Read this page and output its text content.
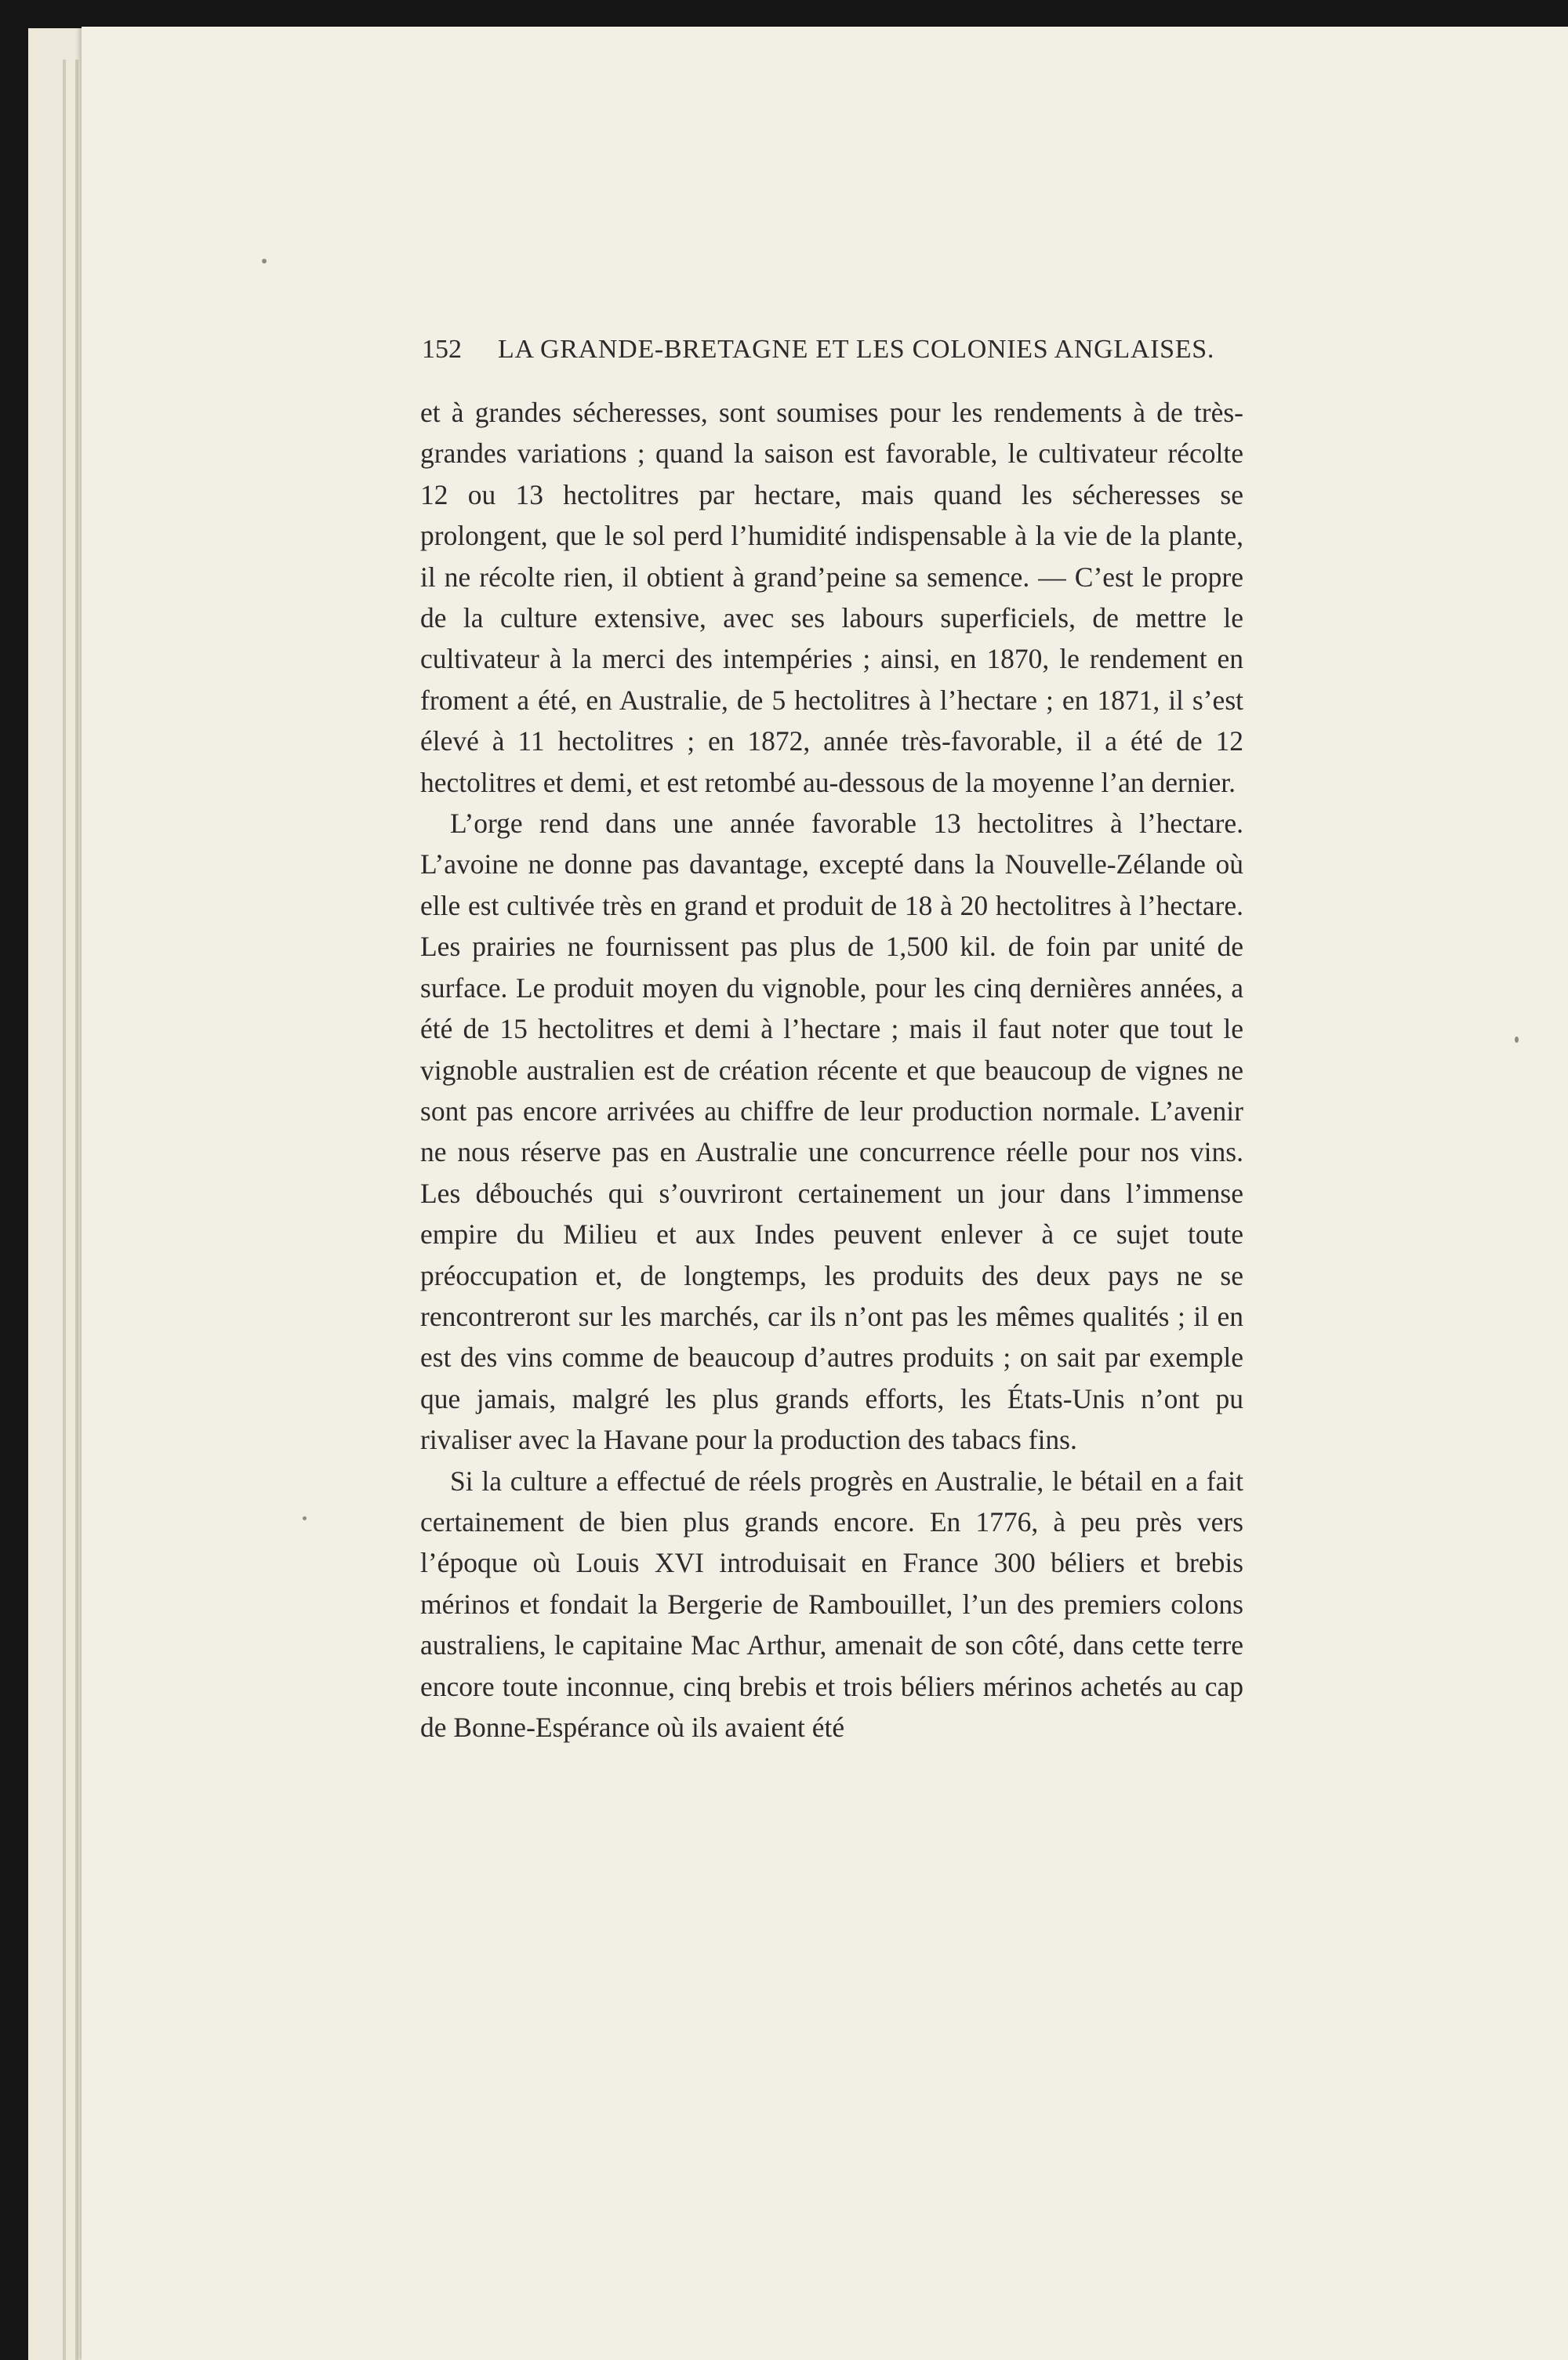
152 LA GRANDE-BRETAGNE ET LES COLONIES ANGLAISES.

et à grandes sécheresses, sont soumises pour les rendements à de très-grandes variations ; quand la saison est favorable, le cultivateur récolte 12 ou 13 hectolitres par hectare, mais quand les sécheresses se prolongent, que le sol perd l’humidité indispensable à la vie de la plante, il ne récolte rien, il obtient à grand’peine sa semence. — C’est le propre de la culture extensive, avec ses labours superficiels, de mettre le cultivateur à la merci des intempéries ; ainsi, en 1870, le rendement en froment a été, en Australie, de 5 hectolitres à l’hectare ; en 1871, il s’est élevé à 11 hectolitres ; en 1872, année très-favorable, il a été de 12 hectolitres et demi, et est retombé au-dessous de la moyenne l’an dernier.

L’orge rend dans une année favorable 13 hectolitres à l’hectare. L’avoine ne donne pas davantage, excepté dans la Nouvelle-Zélande où elle est cultivée très en grand et produit de 18 à 20 hectolitres à l’hectare. Les prairies ne fournissent pas plus de 1,500 kil. de foin par unité de surface. Le produit moyen du vignoble, pour les cinq dernières années, a été de 15 hectolitres et demi à l’hectare ; mais il faut noter que tout le vignoble australien est de création récente et que beaucoup de vignes ne sont pas encore arrivées au chiffre de leur production normale. L’avenir ne nous réserve pas en Australie une concurrence réelle pour nos vins. Les débouchés qui s’ouvriront certainement un jour dans l’immense empire du Milieu et aux Indes peuvent enlever à ce sujet toute préoccupation et, de longtemps, les produits des deux pays ne se rencontreront sur les marchés, car ils n’ont pas les mêmes qualités ; il en est des vins comme de beaucoup d’autres produits ; on sait par exemple que jamais, malgré les plus grands efforts, les États-Unis n’ont pu rivaliser avec la Havane pour la production des tabacs fins.

Si la culture a effectué de réels progrès en Australie, le bétail en a fait certainement de bien plus grands encore. En 1776, à peu près vers l’époque où Louis XVI introduisait en France 300 béliers et brebis mérinos et fondait la Bergerie de Rambouillet, l’un des premiers colons australiens, le capitaine Mac Arthur, amenait de son côté, dans cette terre encore toute inconnue, cinq brebis et trois béliers mérinos achetés au cap de Bonne-Espérance où ils avaient été
